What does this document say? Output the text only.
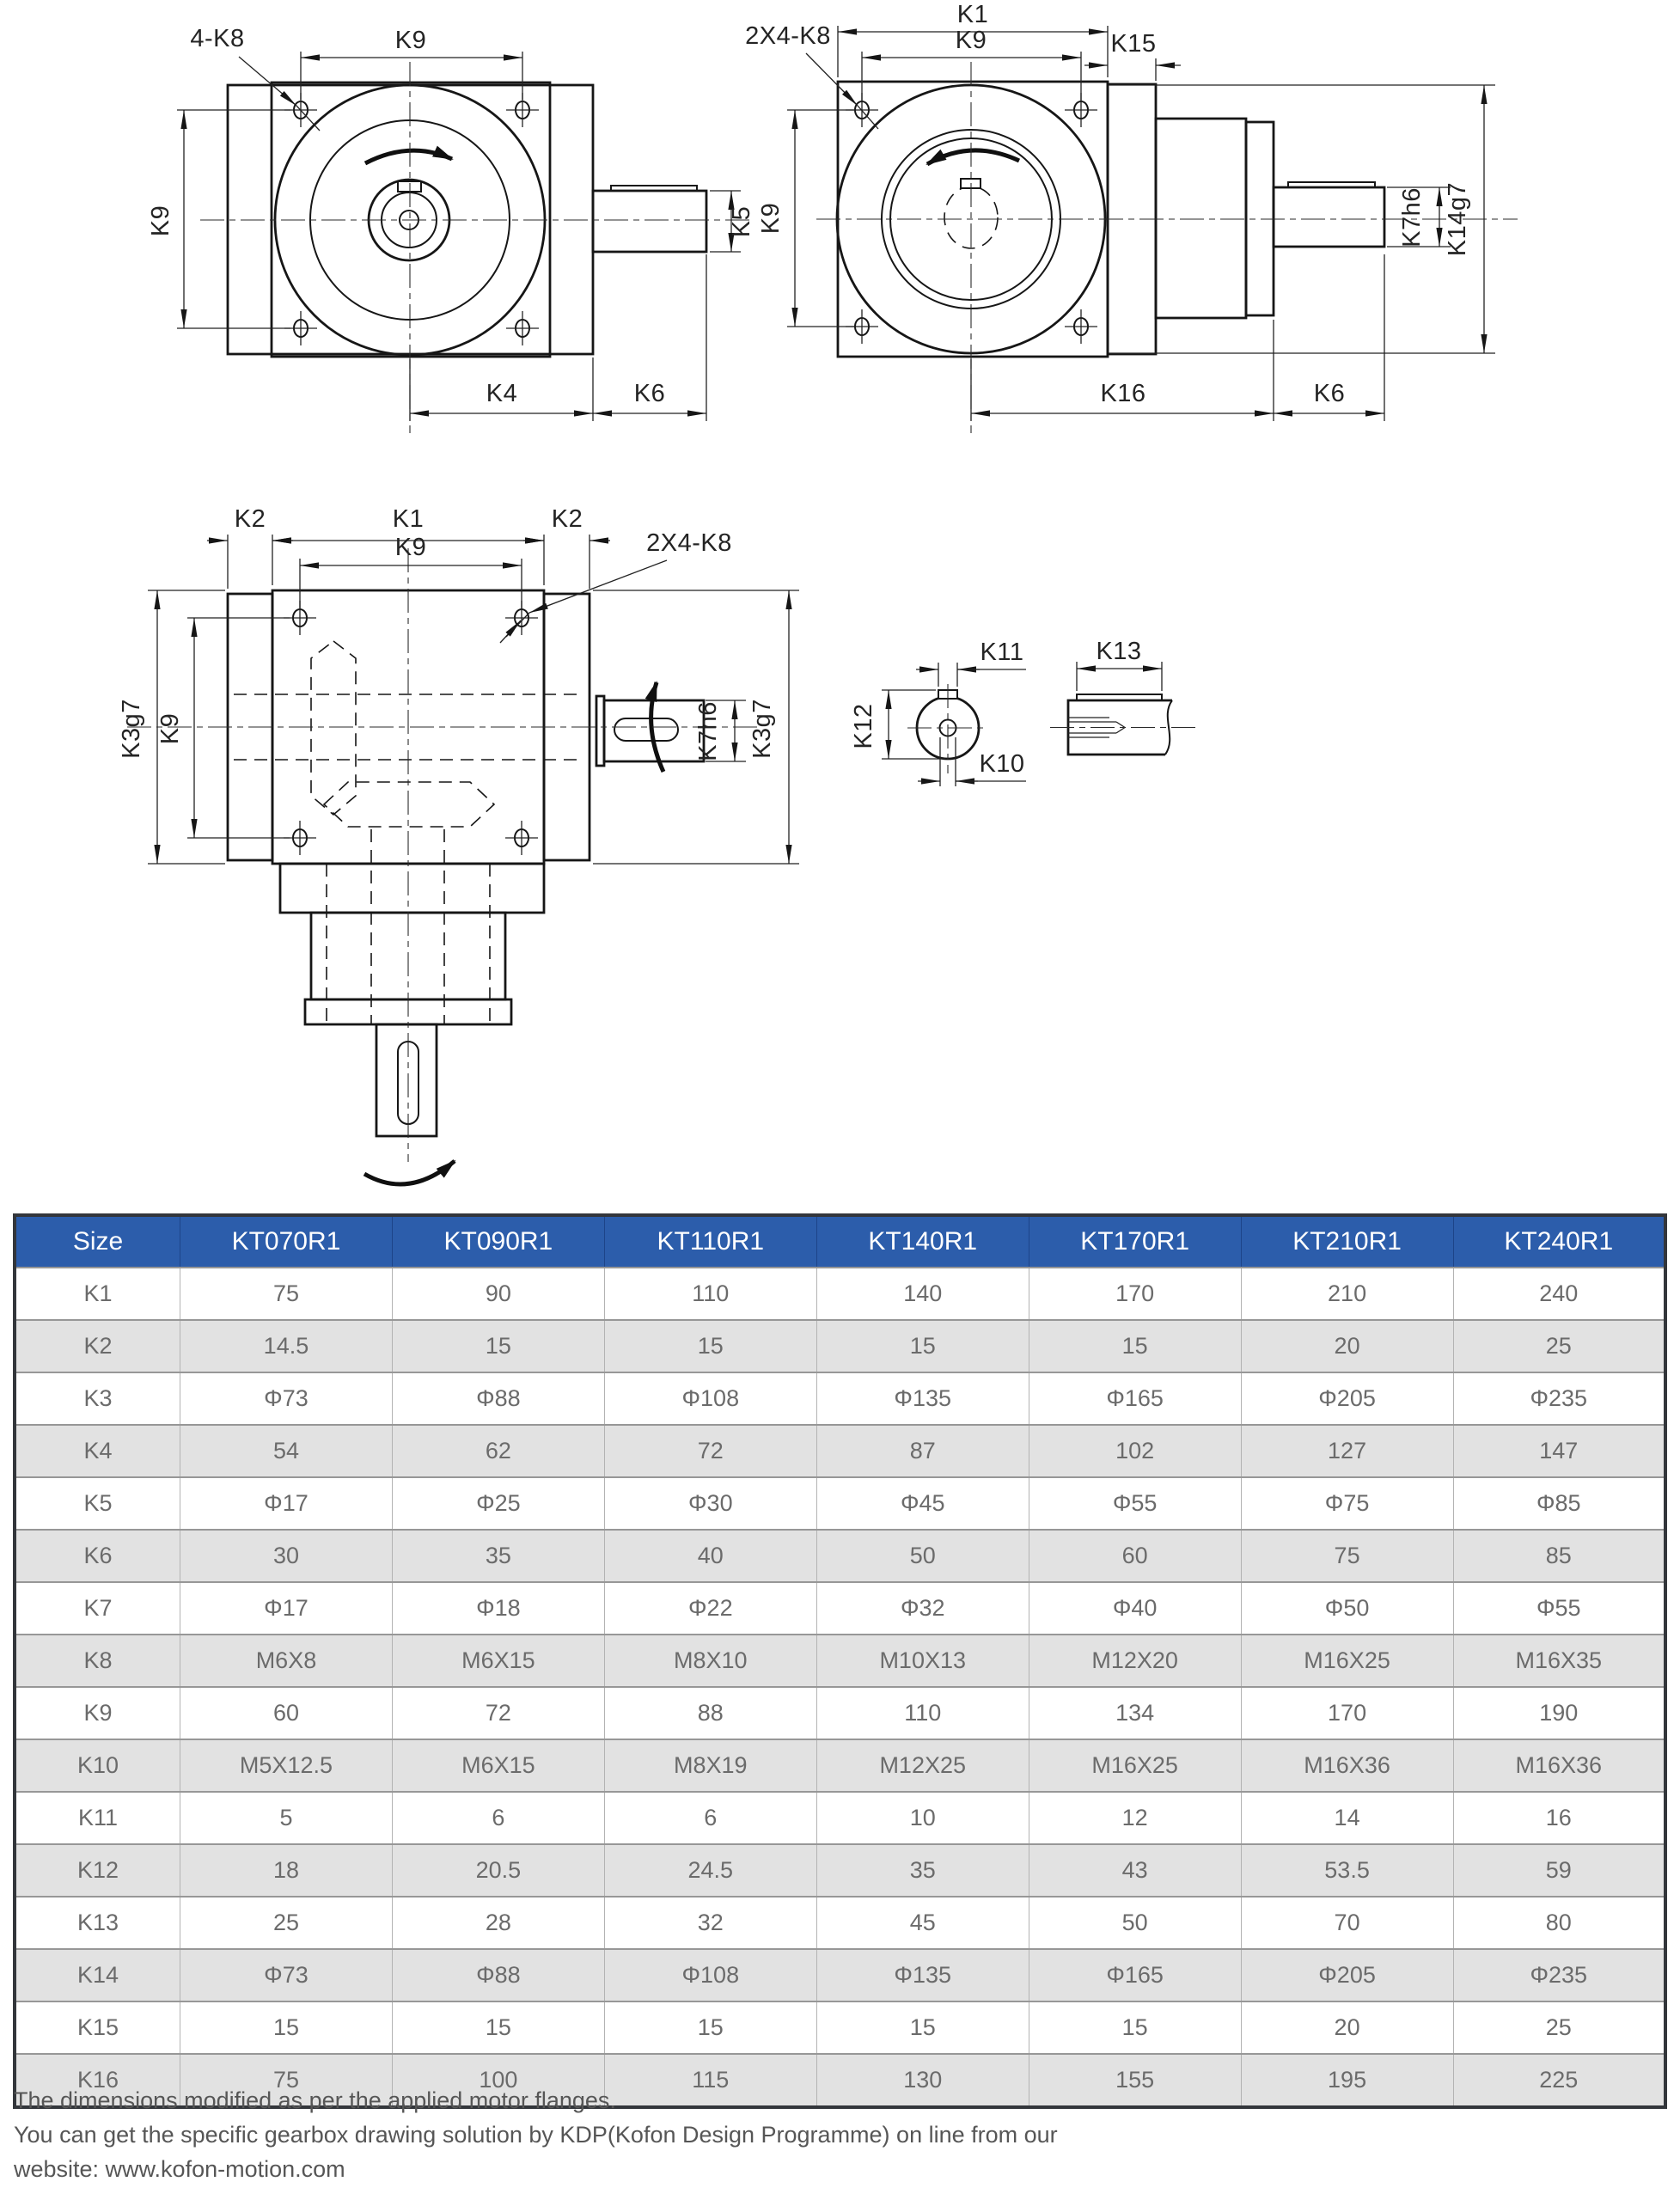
K9
4-K8
K9	K5
K4	K6
K1
K9	K15
2X4-K8
K9	K7h6 K14g7
K16	K6
K2	K1	K2
K9	2X4-K8
K3g7 K9	K7h6 K3g7
K11
K12
K10
K13
Size	KT070R1	KT090R1	KT110R1	KT140R1	KT170R1	KT210R1	KT240R1
K1	75	90	110	140	170	210	240
K2	14.5	15	15	15	15	20	25
K3	Φ73	Φ88	Φ108	Φ135	Φ165	Φ205	Φ235
K4	54	62	72	87	102	127	147
K5	Φ17	Φ25	Φ30	Φ45	Φ55	Φ75	Φ85
K6	30	35	40	50	60	75	85
K7	Φ17	Φ18	Φ22	Φ32	Φ40	Φ50	Φ55
K8	M6X8	M6X15	M8X10	M10X13	M12X20	M16X25	M16X35
K9	60	72	88	110	134	170	190
K10	M5X12.5	M6X15	M8X19	M12X25	M16X25	M16X36	M16X36
K11	5	6	6	10	12	14	16
K12	18	20.5	24.5	35	43	53.5	59
K13	25	28	32	45	50	70	80
K14	Φ73	Φ88	Φ108	Φ135	Φ165	Φ205	Φ235
K15	15	15	15	15	15	20	25
K16	75	100	115	130	155	195	225
The dimensions modified as per the applied motor flanges.
You can get the specific gearbox drawing solution by KDP(Kofon Design Programme) on line from our
website: www.kofon-motion.com
